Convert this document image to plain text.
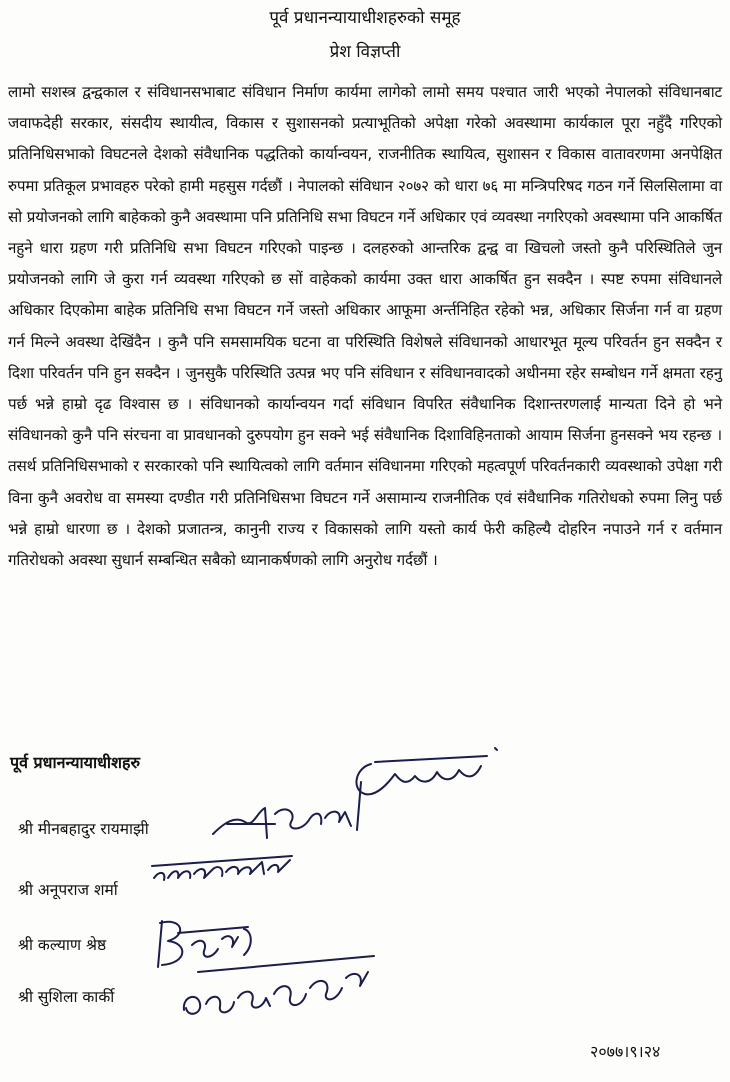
पूर्व प्रधानन्यायाधीशहरुको समूह
प्रेश विज्ञप्ती
लामो सशस्त्र द्वन्द्वकाल र संविधानसभाबाट संविधान निर्माण कार्यमा लागेको लामो समय पश्चात जारी भएको नेपालको संविधानबाट जवाफदेही सरकार, संसदीय स्थायीत्व, विकास र सुशासनको प्रत्याभूतिको अपेक्षा गरेको अवस्थामा कार्यकाल पूरा नहुँदै गरिएको प्रतिनिधिसभाको विघटनले देशको संवैधानिक पद्धतिको कार्यान्वयन, राजनीतिक स्थायित्व, सुशासन र विकास वातावरणमा अनपेक्षित रुपमा प्रतिकूल प्रभावहरु परेको हामी महसुस गर्दछौं । नेपालको संविधान २०७२ को धारा ७६ मा मन्त्रिपरिषद गठन गर्ने सिलसिलामा वा सो प्रयोजनको लागि बाहेकको कुनै अवस्थामा पनि प्रतिनिधि सभा विघटन गर्ने अधिकार एवं व्यवस्था नगरिएको अवस्थामा पनि आकर्षित नहुने धारा ग्रहण गरी प्रतिनिधि सभा विघटन गरिएको पाइन्छ । दलहरुको आन्तरिक द्वन्द्व वा खिचलो जस्तो कुनै परिस्थितिले जुन प्रयोजनको लागि जे कुरा गर्न व्यवस्था गरिएको छ सों वाहेकको कार्यमा उक्त धारा आकर्षित हुन सक्दैन । स्पष्ट रुपमा संविधानले अधिकार दिएकोमा बाहेक प्रतिनिधि सभा विघटन गर्ने जस्तो अधिकार आफूमा अर्न्तनिहित रहेको भन्न, अधिकार सिर्जना गर्न वा ग्रहण गर्न मिल्ने अवस्था देखिंदैन । कुनै पनि समसामयिक घटना वा परिस्थिति विशेषले संविधानको आधारभूत मूल्य परिवर्तन हुन सक्दैन र दिशा परिवर्तन पनि हुन सक्दैन । जुनसुकै परिस्थिति उत्पन्न भए पनि संविधान र संविधानवादको अधीनमा रहेर सम्बोधन गर्ने क्षमता रहनु पर्छ भन्ने हाम्रो दृढ विश्वास छ । संविधानको कार्यान्वयन गर्दा संविधान विपरित संवैधानिक दिशान्तरणलाई मान्यता दिने हो भने संविधानको कुनै पनि संरचना वा प्रावधानको दुरुपयोग हुन सक्ने भई संवैधानिक दिशाविहिनताको आयाम सिर्जना हुनसक्ने भय रहन्छ । तसर्थ प्रतिनिधिसभाको र सरकारको पनि स्थायित्वको लागि वर्तमान संविधानमा गरिएको महत्वपूर्ण परिवर्तनकारी व्यवस्थाको उपेक्षा गरी विना कुनै अवरोध वा समस्या दण्डीत गरी प्रतिनिधिसभा विघटन गर्ने असामान्य राजनीतिक एवं संवैधानिक गतिरोधको रुपमा लिनु पर्छ भन्ने हाम्रो धारणा छ । देशको प्रजातन्त्र, कानुनी राज्य र विकासको लागि यस्तो कार्य फेरी कहिल्यै दोहरिन नपाउने गर्न र वर्तमान गतिरोधको अवस्था सुधार्न सम्बन्धित सबैको ध्यानाकर्षणको लागि अनुरोध गर्दछौं ।
पूर्व प्रधानन्यायाधीशहरु
श्री मीनबहादुर रायमाझी
श्री अनूपराज शर्मा
श्री कल्याण श्रेष्ठ
श्री सुशिला कार्की
२०७७।९।२४
